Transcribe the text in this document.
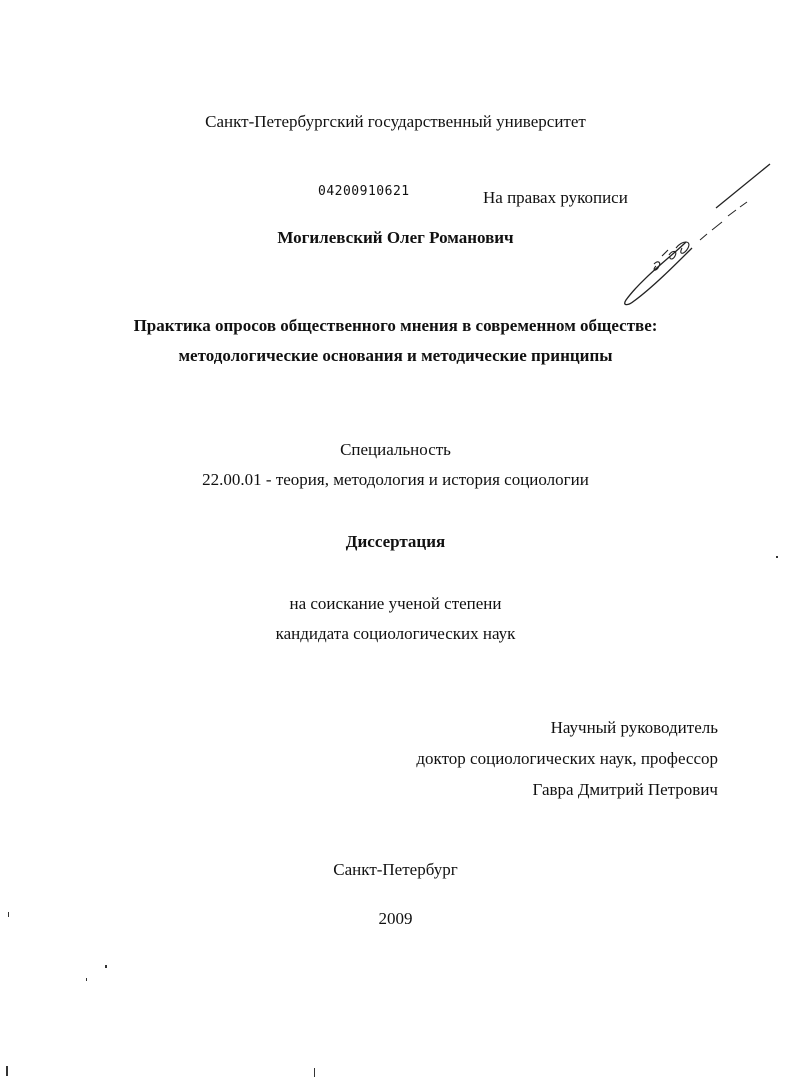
Санкт-Петербургский государственный университет
04200910621	На правах рукописи
Могилевский Олег Романович
Практика опросов общественного мнения в современном обществе:
методологические основания и методические принципы
Специальность
22.00.01 - теория, методология и история социологии
Диссертация
на соискание ученой степени
кандидата социологических наук
Научный руководитель
доктор социологических наук, профессор
Гавра Дмитрий Петрович
Санкт-Петербург
2009
